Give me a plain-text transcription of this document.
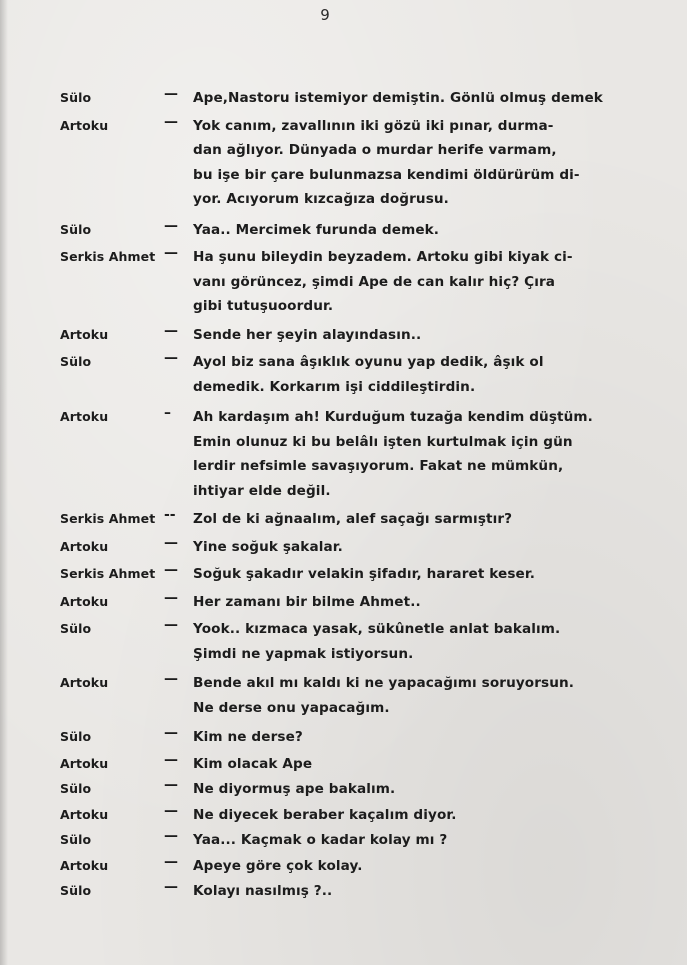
9
Sülo	—	Ape,Nastoru istemiyor demiştin. Gönlü olmuş demek
Artoku	—	Yok canım, zavallının iki gözü iki pınar, durma-
dan ağlıyor. Dünyada o murdar herife varmam,
bu işe bir çare bulunmazsa kendimi öldürürüm di-
yor. Acıyorum kızcağıza doğrusu.
Sülo	—	Yaa.. Mercimek furunda demek.
Serkis Ahmet —	Ha şunu bileydin beyzadem. Artoku gibi kiyak ci-
vanı görüncez, şimdi Ape de can kalır hiç? Çıra
gibi tutuşuoordur.
Artoku	—	Sende her şeyin alayındasın..
Sülo	—	Ayol biz sana âşıklık oyunu yap dedik, âşık ol
demedik. Korkarım işi ciddileştirdin.
Artoku	–	Ah kardaşım ah! Kurduğum tuzağa kendim düştüm.
Emin olunuz ki bu belâlı işten kurtulmak için gün
lerdir nefsimle savaşıyorum. Fakat ne mümkün,
ihtiyar elde değil.
Serkis Ahmet --	Zol de ki ağnaalım, alef saçağı sarmıştır?
Artoku	—	Yine soğuk şakalar.
Serkis Ahmet —	Soğuk şakadır velakin şifadır, hararet keser.
Artoku	—	Her zamanı bir bilme Ahmet..
Sülo	—	Yook.. kızmaca yasak, sükûnetle anlat bakalım.
Şimdi ne yapmak istiyorsun.
Artoku	—	Bende akıl mı kaldı ki ne yapacağımı soruyorsun.
Ne derse onu yapacağım.
Sülo	—	Kim ne derse?
Artoku	—	Kim olacak Ape
Sülo	—	Ne diyormuş ape bakalım.
Artoku	—	Ne diyecek beraber kaçalım diyor.
Sülo	—	Yaa... Kaçmak o kadar kolay mı ?
Artoku	—	Apeye göre çok kolay.
Sülo	—	Kolayı nasılmış ?..
